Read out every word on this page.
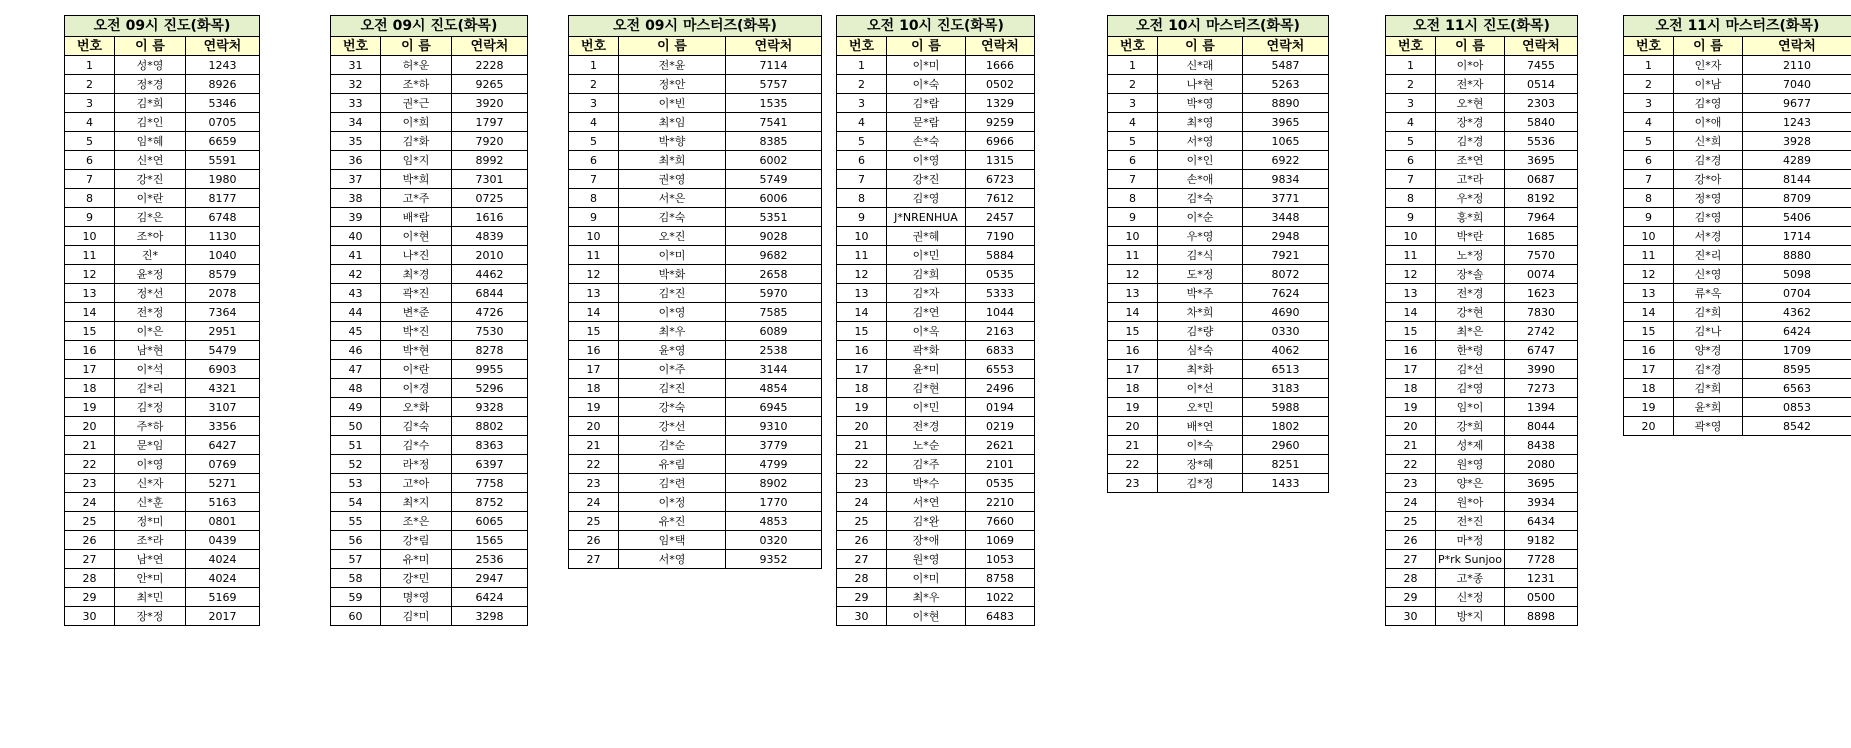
오전 09시 진도(화목)		
번호	이 름	연락처
1	성*영	1243
2	정*경	8926
3	김*희	5346
4	김*인	0705
5	임*혜	6659
6	신*연	5591
7	강*진	1980
8	이*란	8177
9	김*은	6748
10	조*아	1130
11	진*	1040
12	윤*정	8579
13	정*선	2078
14	전*정	7364
15	이*은	2951
16	남*현	5479
17	이*석	6903
18	김*리	4321
19	김*정	3107
20	주*하	3356
21	문*임	6427
22	이*영	0769
23	신*자	5271
24	신*훈	5163
25	정*미	0801
26	조*라	0439
27	남*연	4024
28	안*미	4024
29	최*민	5169
30	장*정	2017
오전 09시 진도(화목)		
번호	이 름	연락처
31	허*운	2228
32	조*하	9265
33	권*근	3920
34	이*희	1797
35	김*화	7920
36	임*지	8992
37	박*희	7301
38	고*주	0725
39	배*람	1616
40	이*현	4839
41	나*진	2010
42	최*경	4462
43	곽*진	6844
44	변*준	4726
45	박*진	7530
46	박*현	8278
47	이*란	9955
48	이*경	5296
49	오*화	9328
50	김*숙	8802
51	김*수	8363
52	라*정	6397
53	고*아	7758
54	최*지	8752
55	조*은	6065
56	강*림	1565
57	유*미	2536
58	강*민	2947
59	명*영	6424
60	김*미	3298
오전 09시 마스터즈(화목)		
번호	이 름	연락처
1	전*윤	7114
2	정*안	5757
3	이*빈	1535
4	최*임	7541
5	박*향	8385
6	최*희	6002
7	권*영	5749
8	서*은	6006
9	김*숙	5351
10	오*진	9028
11	이*미	9682
12	박*화	2658
13	김*진	5970
14	이*영	7585
15	최*우	6089
16	윤*영	2538
17	이*주	3144
18	김*진	4854
19	강*숙	6945
20	강*선	9310
21	김*순	3779
22	유*림	4799
23	김*련	8902
24	이*정	1770
25	유*진	4853
26	임*택	0320
27	서*영	9352
오전 10시 진도(화목)		
번호	이 름	연락처
1	이*미	1666
2	이*숙	0502
3	김*람	1329
4	문*람	9259
5	손*숙	6966
6	이*영	1315
7	강*진	6723
8	김*영	7612
9	J*NRENHUA	2457
10	권*혜	7190
11	이*민	5884
12	김*희	0535
13	김*자	5333
14	김*연	1044
15	이*옥	2163
16	곽*화	6833
17	윤*미	6553
18	김*현	2496
19	이*민	0194
20	전*경	0219
21	노*순	2621
22	김*주	2101
23	박*수	0535
24	서*연	2210
25	김*완	7660
26	장*애	1069
27	원*영	1053
28	이*미	8758
29	최*우	1022
30	이*현	6483
오전 10시 마스터즈(화목)		
번호	이 름	연락처
1	신*래	5487
2	나*현	5263
3	박*영	8890
4	최*영	3965
5	서*영	1065
6	이*인	6922
7	손*애	9834
8	김*숙	3771
9	이*순	3448
10	우*영	2948
11	김*식	7921
12	도*정	8072
13	박*주	7624
14	차*희	4690
15	김*량	0330
16	심*숙	4062
17	최*화	6513
18	이*선	3183
19	오*민	5988
20	배*연	1802
21	이*숙	2960
22	장*혜	8251
23	김*정	1433
오전 11시 진도(화목)		
번호	이 름	연락처
1	이*아	7455
2	전*자	0514
3	오*현	2303
4	장*경	5840
5	김*경	5536
6	조*연	3695
7	고*라	0687
8	우*정	8192
9	홍*희	7964
10	박*란	1685
11	노*정	7570
12	장*솔	0074
13	전*경	1623
14	강*현	7830
15	최*은	2742
16	한*령	6747
17	김*선	3990
18	김*영	7273
19	임*이	1394
20	강*희	8044
21	성*제	8438
22	원*영	2080
23	양*은	3695
24	원*아	3934
25	전*진	6434
26	마*정	9182
27	P*rk Sunjoo	7728
28	고*종	1231
29	신*정	0500
30	방*지	8898
오전 11시 마스터즈(화목)		
번호	이 름	연락처
1	인*자	2110
2	이*남	7040
3	김*영	9677
4	이*애	1243
5	신*희	3928
6	김*경	4289
7	강*아	8144
8	정*영	8709
9	김*영	5406
10	서*경	1714
11	진*리	8880
12	신*영	5098
13	류*옥	0704
14	김*희	4362
15	김*나	6424
16	양*경	1709
17	김*경	8595
18	김*희	6563
19	윤*희	0853
20	곽*영	8542
